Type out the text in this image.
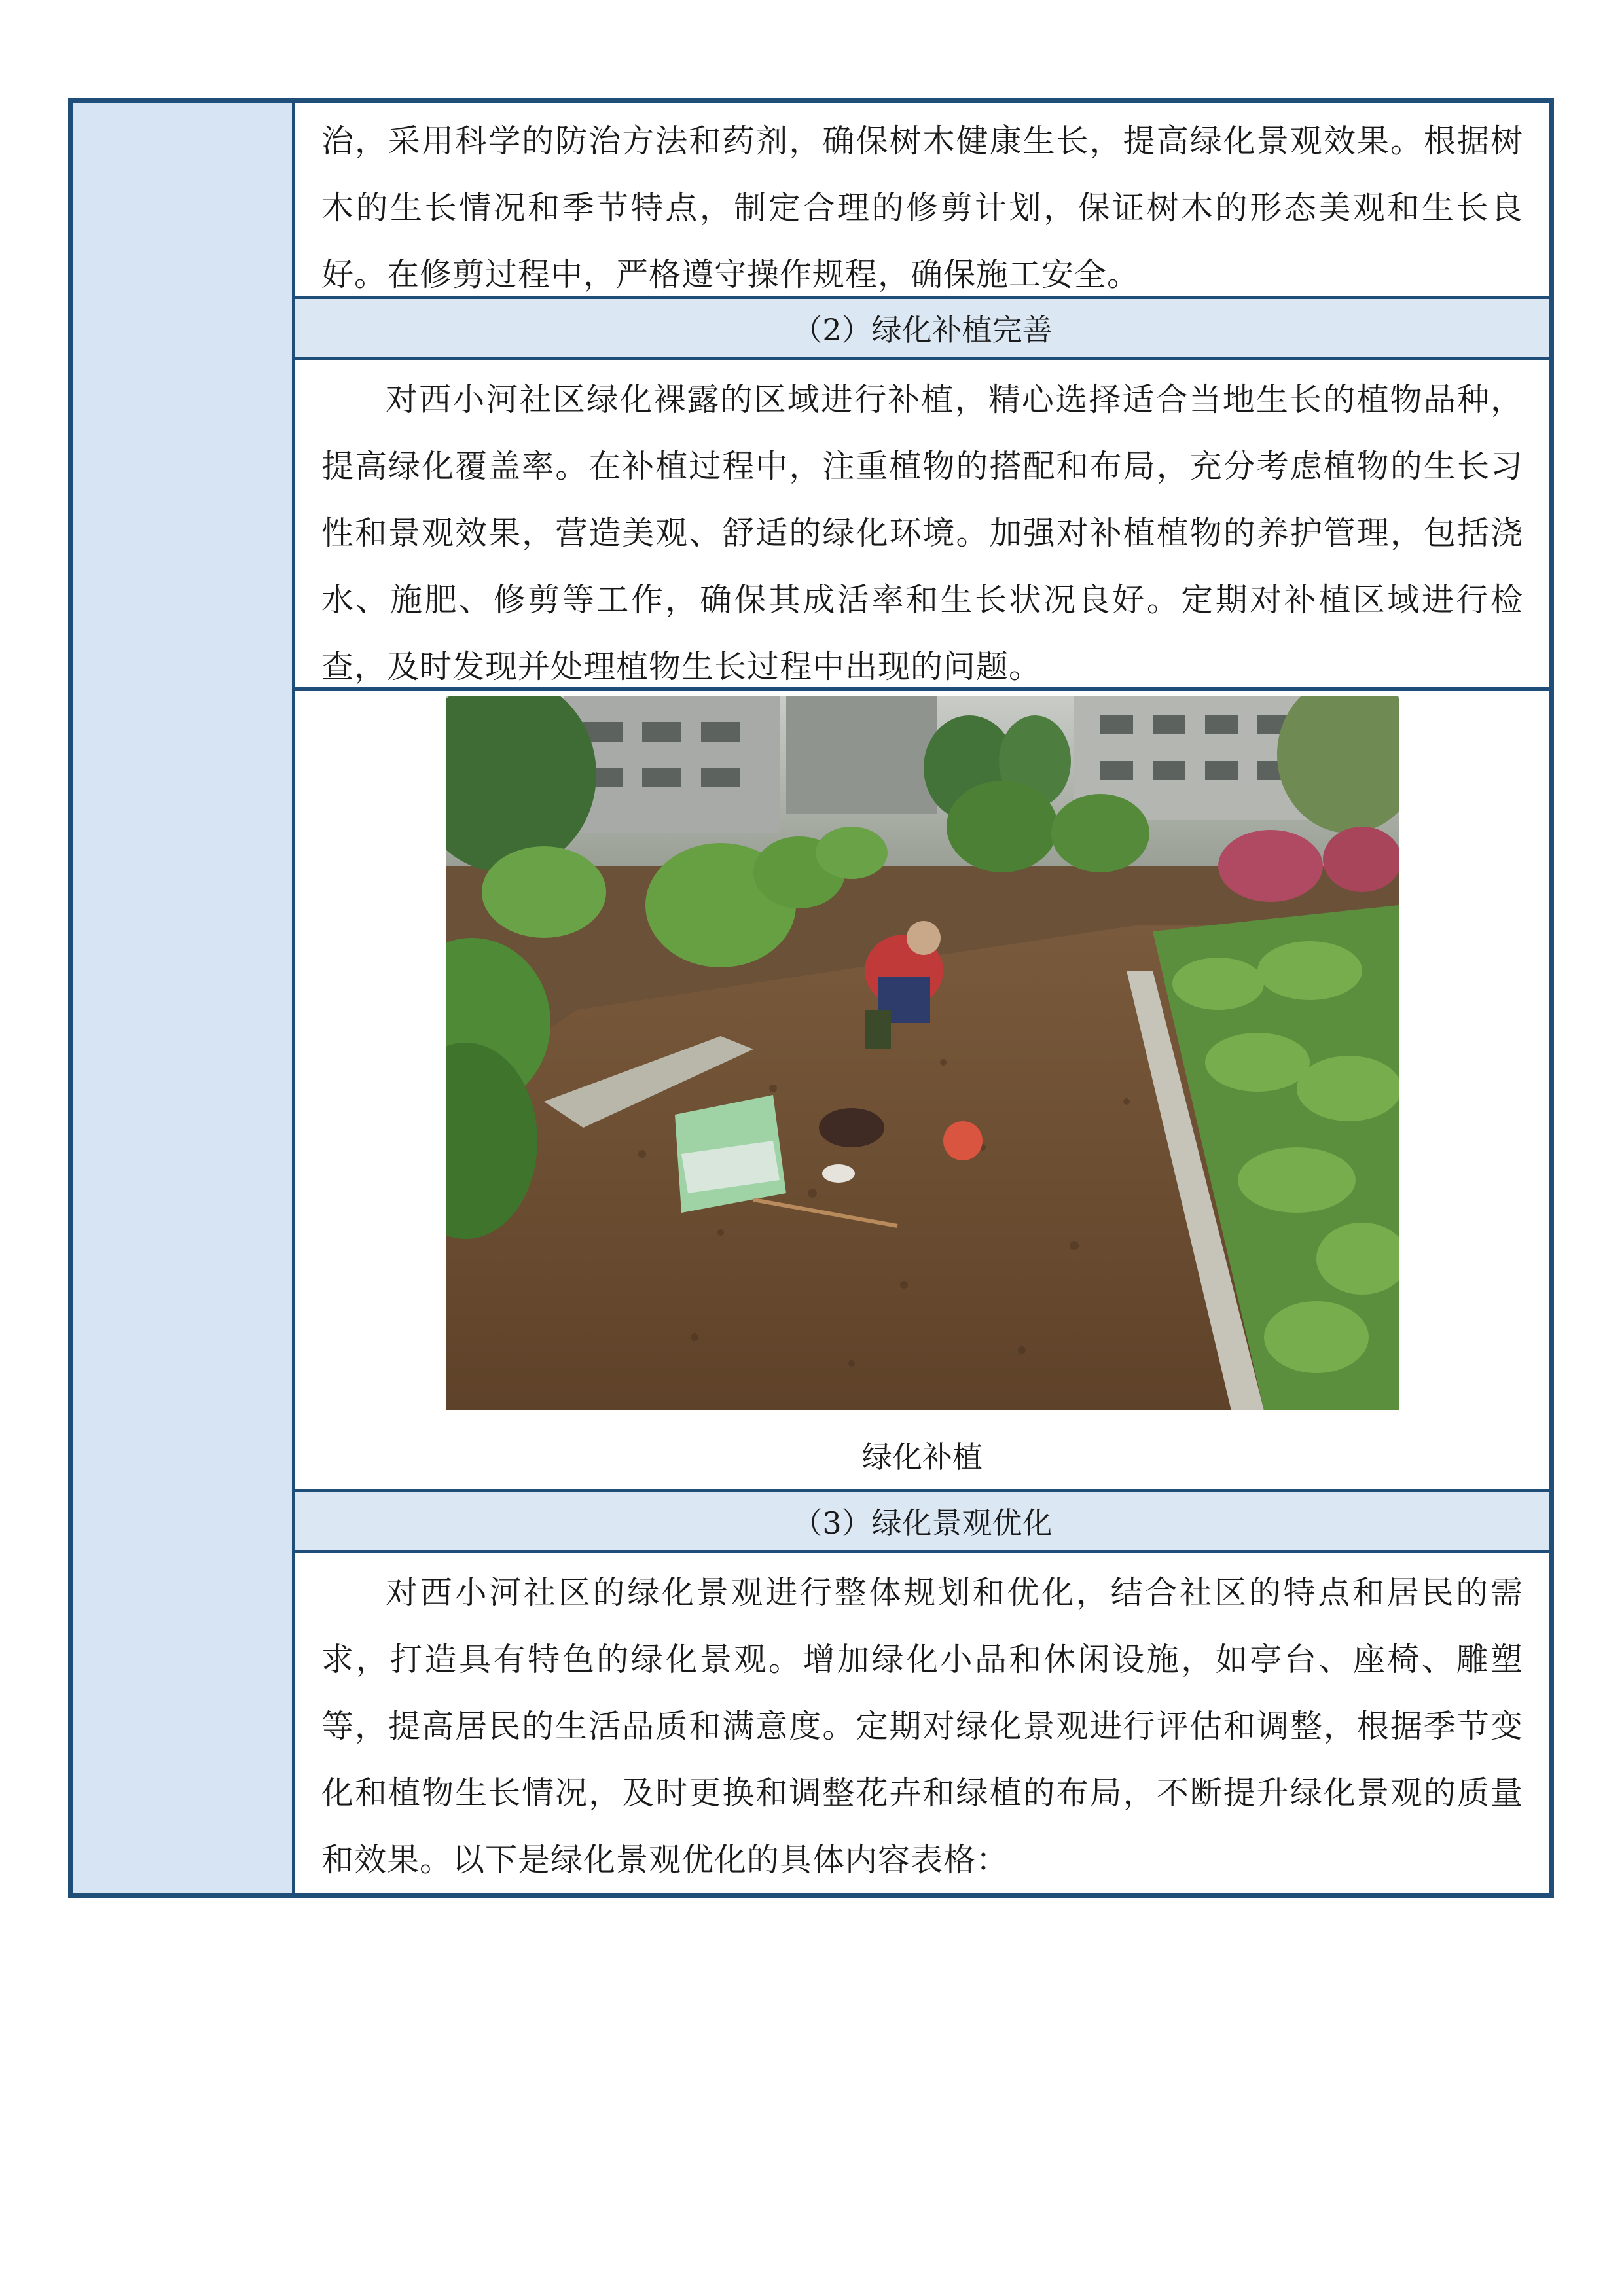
治，采用科学的防治方法和药剂，确保树木健康生长，提高绿化景观效果。根据树木的生长情况和季节特点，制定合理的修剪计划，保证树木的形态美观和生长良好。在修剪过程中，严格遵守操作规程，确保施工安全。

（2）绿化补植完善

对西小河社区绿化裸露的区域进行补植，精心选择适合当地生长的植物品种，提高绿化覆盖率。在补植过程中，注重植物的搭配和布局，充分考虑植物的生长习性和景观效果，营造美观、舒适的绿化环境。加强对补植植物的养护管理，包括浇水、施肥、修剪等工作，确保其成活率和生长状况良好。定期对补植区域进行检查，及时发现并处理植物生长过程中出现的问题。

绿化补植
（3）绿化景观优化

对西小河社区的绿化景观进行整体规划和优化，结合社区的特点和居民的需求，打造具有特色的绿化景观。增加绿化小品和休闲设施，如亭台、座椅、雕塑等，提高居民的生活品质和满意度。定期对绿化景观进行评估和调整，根据季节变化和植物生长情况，及时更换和调整花卉和绿植的布局，不断提升绿化景观的质量和效果。以下是绿化景观优化的具体内容表格：
